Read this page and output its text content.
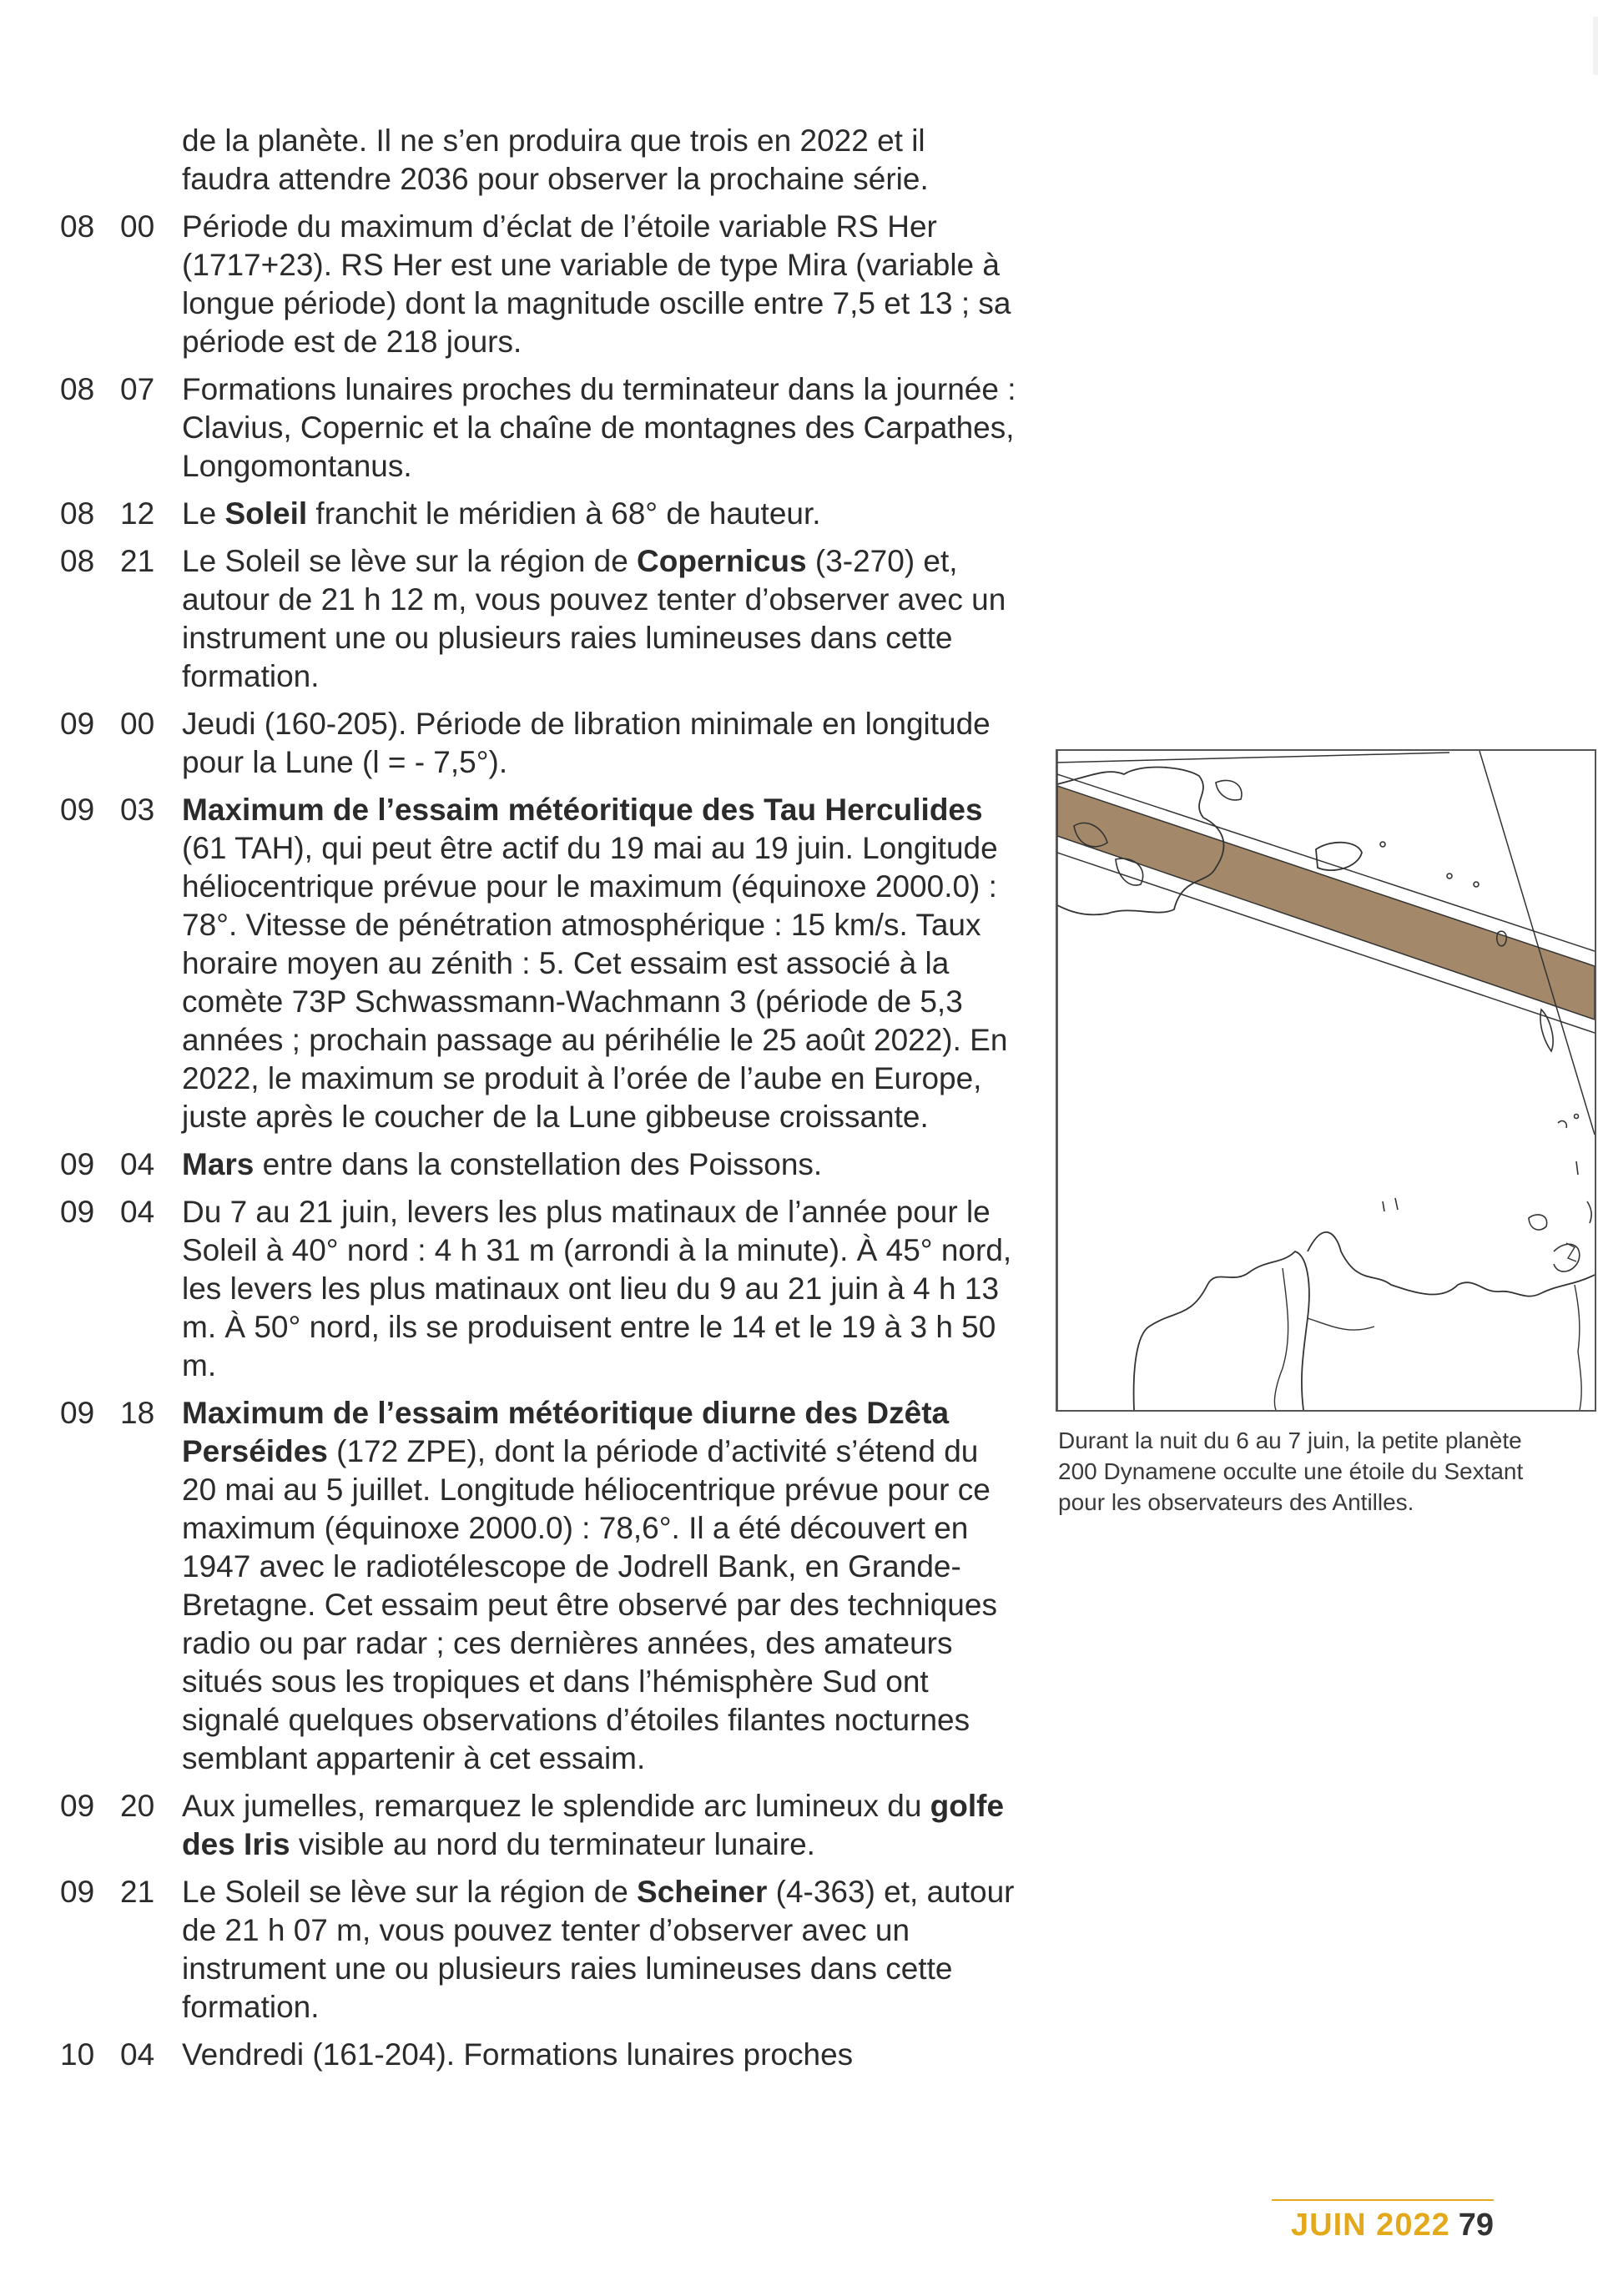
de la planète. Il ne s’en produira que trois en 2022 et il faudra attendre 2036 pour observer la prochaine série.
08 00 Période du maximum d’éclat de l’étoile variable RS Her (1717+23). RS Her est une variable de type Mira (variable à longue période) dont la magnitude oscille entre 7,5 et 13 ; sa période est de 218 jours.
08 07 Formations lunaires proches du terminateur dans la journée : Clavius, Copernic et la chaîne de montagnes des Carpathes, Longomontanus.
08 12 Le Soleil franchit le méridien à 68° de hauteur.
08 21 Le Soleil se lève sur la région de Copernicus (3-270) et, autour de 21 h 12 m, vous pouvez tenter d’observer avec un instrument une ou plusieurs raies lumineuses dans cette formation.
09 00 Jeudi (160-205). Période de libration minimale en longitude pour la Lune (l = - 7,5°).
09 03 Maximum de l’essaim météoritique des Tau Herculides (61 TAH), qui peut être actif du 19 mai au 19 juin. Longitude héliocentrique prévue pour le maximum (équinoxe 2000.0) : 78°. Vitesse de pénétration atmosphérique : 15 km/s. Taux horaire moyen au zénith : 5. Cet essaim est associé à la comète 73P Schwassmann-Wachmann 3 (période de 5,3 années ; prochain passage au périhélie le 25 août 2022). En 2022, le maximum se produit à l’orée de l’aube en Europe, juste après le coucher de la Lune gibbeuse croissante.
09 04 Mars entre dans la constellation des Poissons.
09 04 Du 7 au 21 juin, levers les plus matinaux de l’année pour le Soleil à 40° nord : 4 h 31 m (arrondi à la minute). À 45° nord, les levers les plus matinaux ont lieu du 9 au 21 juin à 4 h 13 m. À 50° nord, ils se produisent entre le 14 et le 19 à 3 h 50 m.
09 18 Maximum de l’essaim météoritique diurne des Dzêta Perséides (172 ZPE), dont la période d’activité s’étend du 20 mai au 5 juillet. Longitude héliocentrique prévue pour ce maximum (équinoxe 2000.0) : 78,6°. Il a été découvert en 1947 avec le radiotélescope de Jodrell Bank, en Grande-Bretagne. Cet essaim peut être observé par des techniques radio ou par radar ; ces dernières années, des amateurs situés sous les tropiques et dans l’hémisphère Sud ont signalé quelques observations d’étoiles filantes nocturnes semblant appartenir à cet essaim.
09 20 Aux jumelles, remarquez le splendide arc lumineux du golfe des Iris visible au nord du terminateur lunaire.
09 21 Le Soleil se lève sur la région de Scheiner (4-363) et, autour de 21 h 07 m, vous pouvez tenter d’observer avec un instrument une ou plusieurs raies lumineuses dans cette formation.
10 04 Vendredi (161-204). Formations lunaires proches
Durant la nuit du 6 au 7 juin, la petite planète 200 Dynamene occulte une étoile du Sextant pour les observateurs des Antilles.
JUIN 2022 79
